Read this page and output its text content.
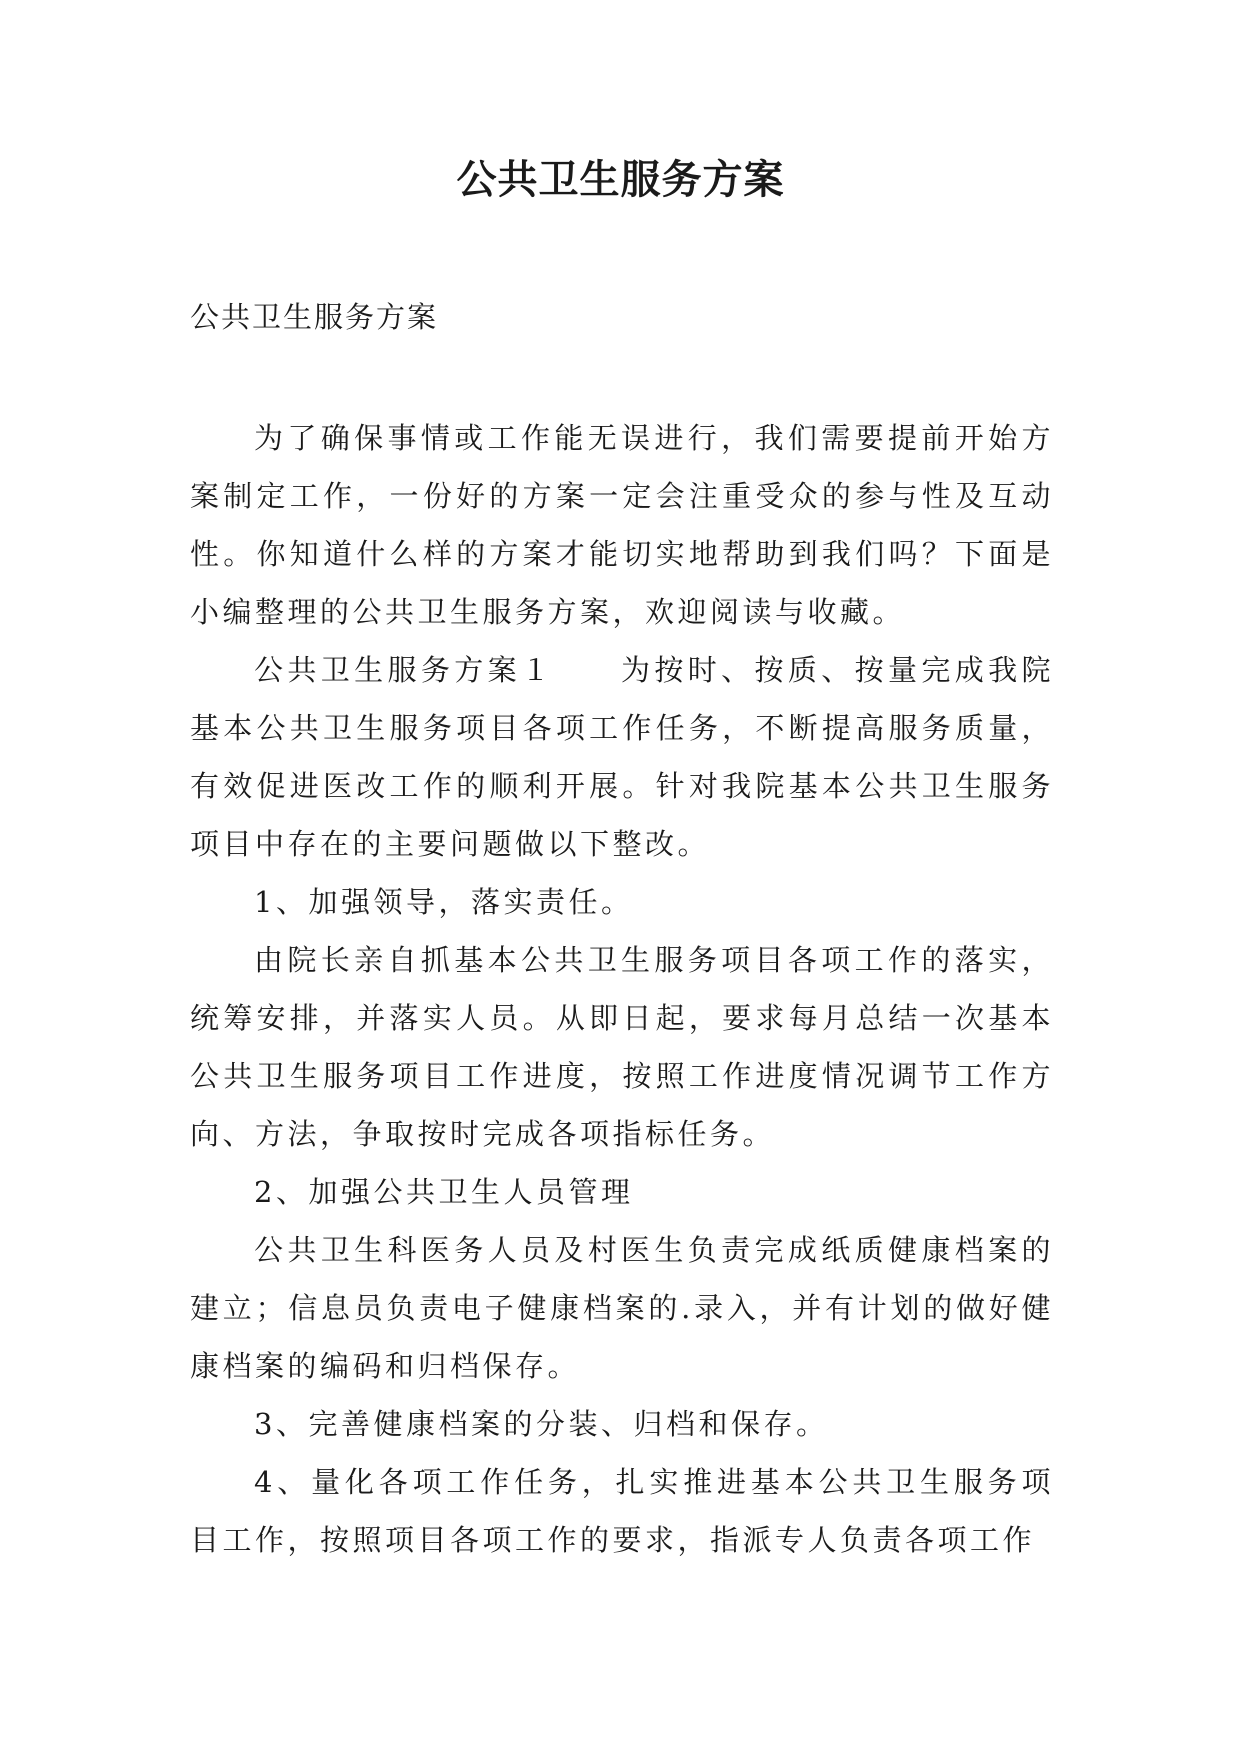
公共卫生服务方案

公共卫生服务方案

为了确保事情或工作能无误进行，我们需要提前开始方案制定工作，一份好的方案一定会注重受众的参与性及互动性。你知道什么样的方案才能切实地帮助到我们吗？下面是小编整理的公共卫生服务方案，欢迎阅读与收藏。

公共卫生服务方案１　　为按时、按质、按量完成我院基本公共卫生服务项目各项工作任务，不断提高服务质量，有效促进医改工作的顺利开展。针对我院基本公共卫生服务项目中存在的主要问题做以下整改。

1、加强领导，落实责任。

由院长亲自抓基本公共卫生服务项目各项工作的落实，统筹安排，并落实人员。从即日起，要求每月总结一次基本公共卫生服务项目工作进度，按照工作进度情况调节工作方向、方法，争取按时完成各项指标任务。

2、加强公共卫生人员管理

公共卫生科医务人员及村医生负责完成纸质健康档案的建立；信息员负责电子健康档案的.录入，并有计划的做好健康档案的编码和归档保存。

3、完善健康档案的分装、归档和保存。

4、量化各项工作任务，扎实推进基本公共卫生服务项目工作，按照项目各项工作的要求，指派专人负责各项工作
